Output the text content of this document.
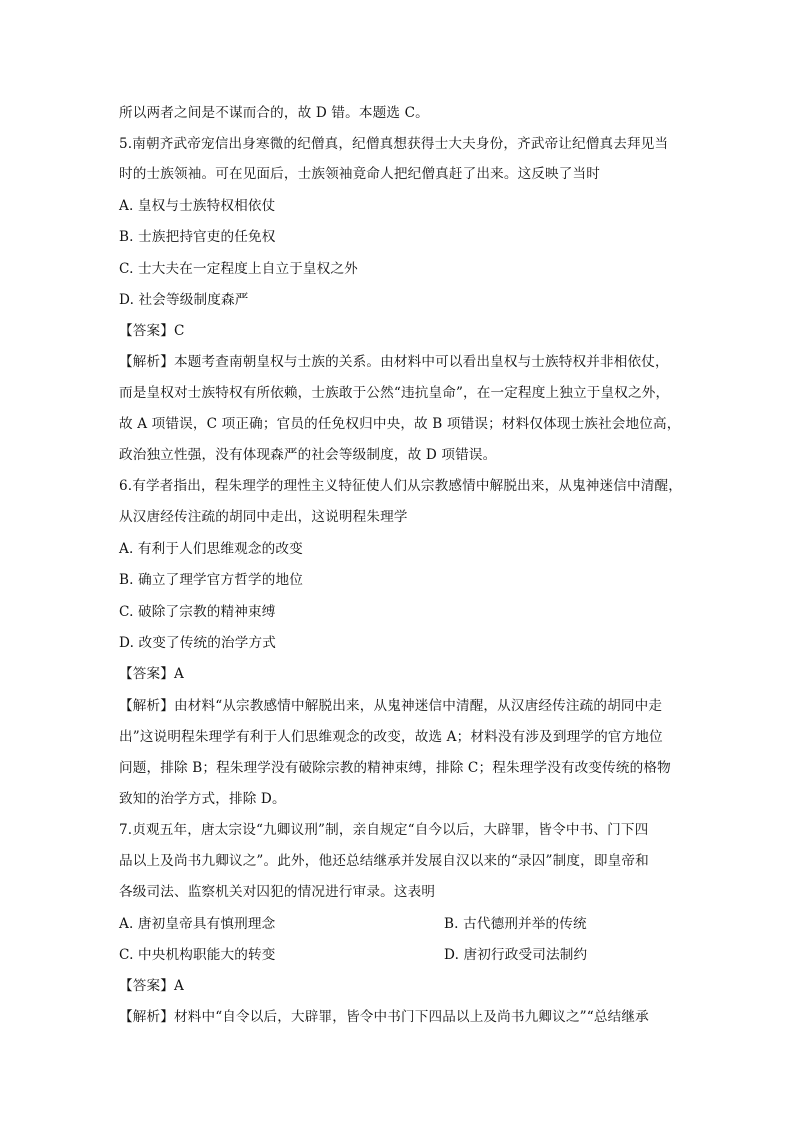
所以两者之间是不谋而合的，故 D 错。本题选 C。
5.南朝齐武帝宠信出身寒微的纪僧真，纪僧真想获得士大夫身份，齐武帝让纪僧真去拜见当
时的士族领袖。可在见面后，士族领袖竟命人把纪僧真赶了出来。这反映了当时
A. 皇权与士族特权相依仗
B. 士族把持官吏的任免权
C. 士大夫在一定程度上自立于皇权之外
D. 社会等级制度森严
【答案】C
【解析】本题考查南朝皇权与士族的关系。由材料中可以看出皇权与士族特权并非相依仗，
而是皇权对士族特权有所依赖，士族敢于公然“违抗皇命”，在一定程度上独立于皇权之外，
故 A 项错误，C 项正确；官员的任免权归中央，故 B 项错误；材料仅体现士族社会地位高，
政治独立性强，没有体现森严的社会等级制度，故 D 项错误。
6.有学者指出，程朱理学的理性主义特征使人们从宗教感情中解脱出来，从鬼神迷信中清醒，
从汉唐经传注疏的胡同中走出，这说明程朱理学
A. 有利于人们思维观念的改变
B. 确立了理学官方哲学的地位
C. 破除了宗教的精神束缚
D. 改变了传统的治学方式
【答案】A
【解析】由材料“从宗教感情中解脱出来，从鬼神迷信中清醒，从汉唐经传注疏的胡同中走
出”这说明程朱理学有利于人们思维观念的改变，故选 A；材料没有涉及到理学的官方地位
问题，排除 B；程朱理学没有破除宗教的精神束缚，排除 C；程朱理学没有改变传统的格物
致知的治学方式，排除 D。
7.贞观五年，唐太宗设“九卿议刑”制，亲自规定“自今以后，大辟罪，皆令中书、门下四
品以上及尚书九卿议之”。此外，他还总结继承并发展自汉以来的“录囚”制度，即皇帝和
各级司法、监察机关对囚犯的情况进行审录。这表明
A. 唐初皇帝具有慎刑理念	B. 古代德刑并举的传统
C. 中央机构职能大的转变	D. 唐初行政受司法制约
【答案】A
【解析】材料中“自令以后，大辟罪，皆令中书门下四品以上及尚书九卿议之”“总结继承
